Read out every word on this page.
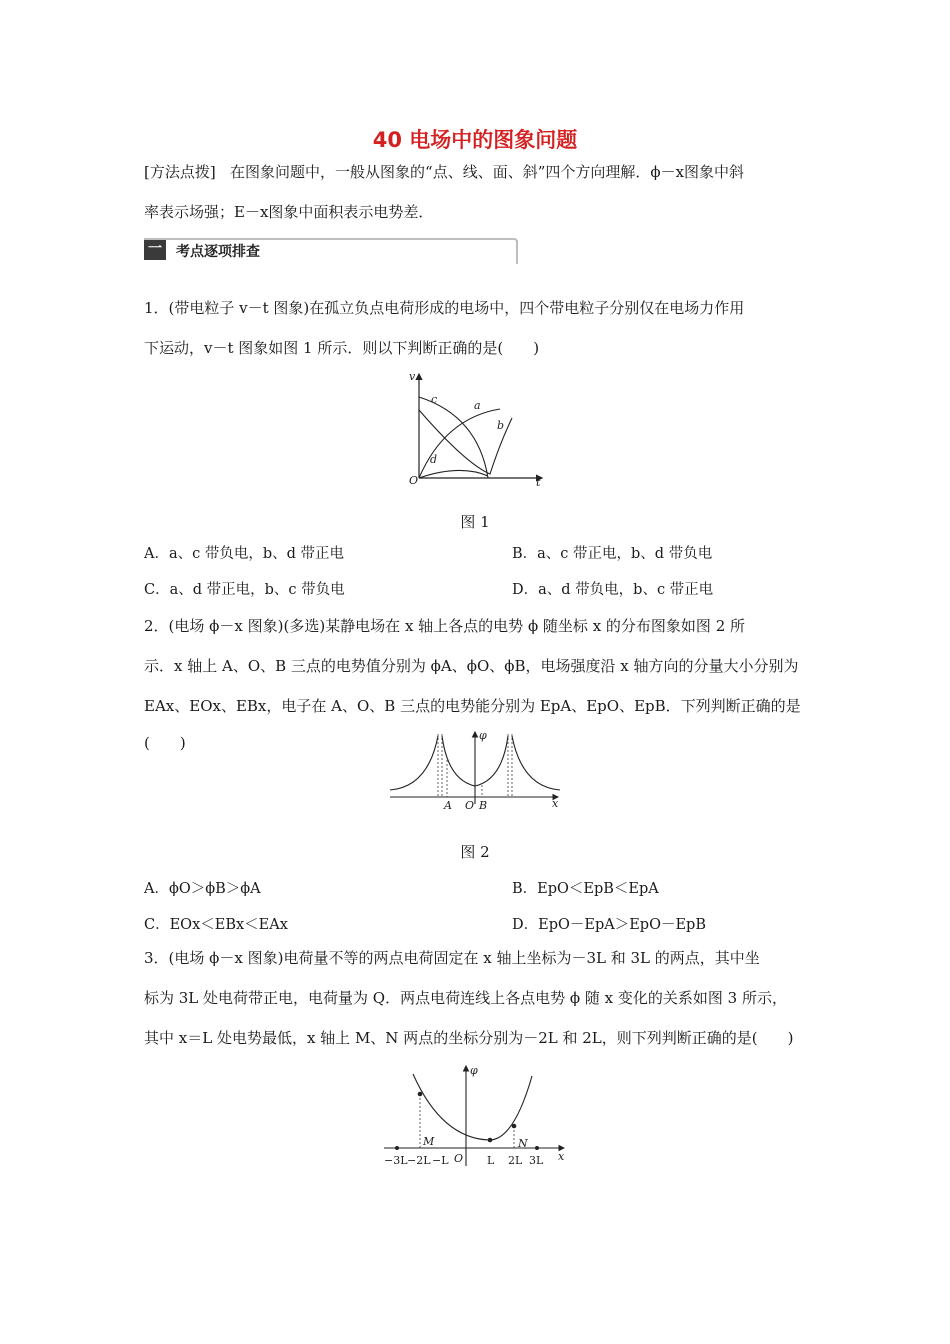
40 电场中的图象问题

[方法点拨] 在图象问题中，一般从图象的“点、线、面、斜”四个方向理解．ϕ－x图象中斜

率表示场强；E－x图象中面积表示电势差．

一 考点逐项排查

1．(带电粒子 v－t 图象)在孤立负点电荷形成的电场中，四个带电粒子分别仅在电场力作用

下运动，v－t 图象如图 1 所示．则以下判断正确的是(　　)

v
t
O
a
b
c
d
图 1
A．a、c 带负电，b、d 带正电	B．a、c 带正电，b、d 带负电
C．a、d 带正电，b、c 带负电	D．a、d 带负电，b、c 带正电

2．(电场 ϕ－x 图象)(多选)某静电场在 x 轴上各点的电势 ϕ 随坐标 x 的分布图象如图 2 所

示．x 轴上 A、O、B 三点的电势值分别为 ϕA、ϕO、ϕB，电场强度沿 x 轴方向的分量大小分别为

EAx、EOx、EBx，电子在 A、O、B 三点的电势能分别为 EpA、EpO、EpB．下列判断正确的是(　　)	φ
x
A O B
图 2
A．ϕO＞ϕB＞ϕA	B．EpO＜EpB＜EpA
C．EOx＜EBx＜EAx	D．EpO－EpA＞EpO－EpB

3．(电场 ϕ－x 图象)电荷量不等的两点电荷固定在 x 轴上坐标为－3L 和 3L 的两点，其中坐

标为 3L 处电荷带正电，电荷量为 Q．两点电荷连线上各点电势 ϕ 随 x 变化的关系如图 3 所示，

其中 x＝L 处电势最低，x 轴上 M、N 两点的坐标分别为－2L 和 2L，则下列判断正确的是(　　)

φ
x
M	N
O
−3L −2L −L	L 2L 3L
